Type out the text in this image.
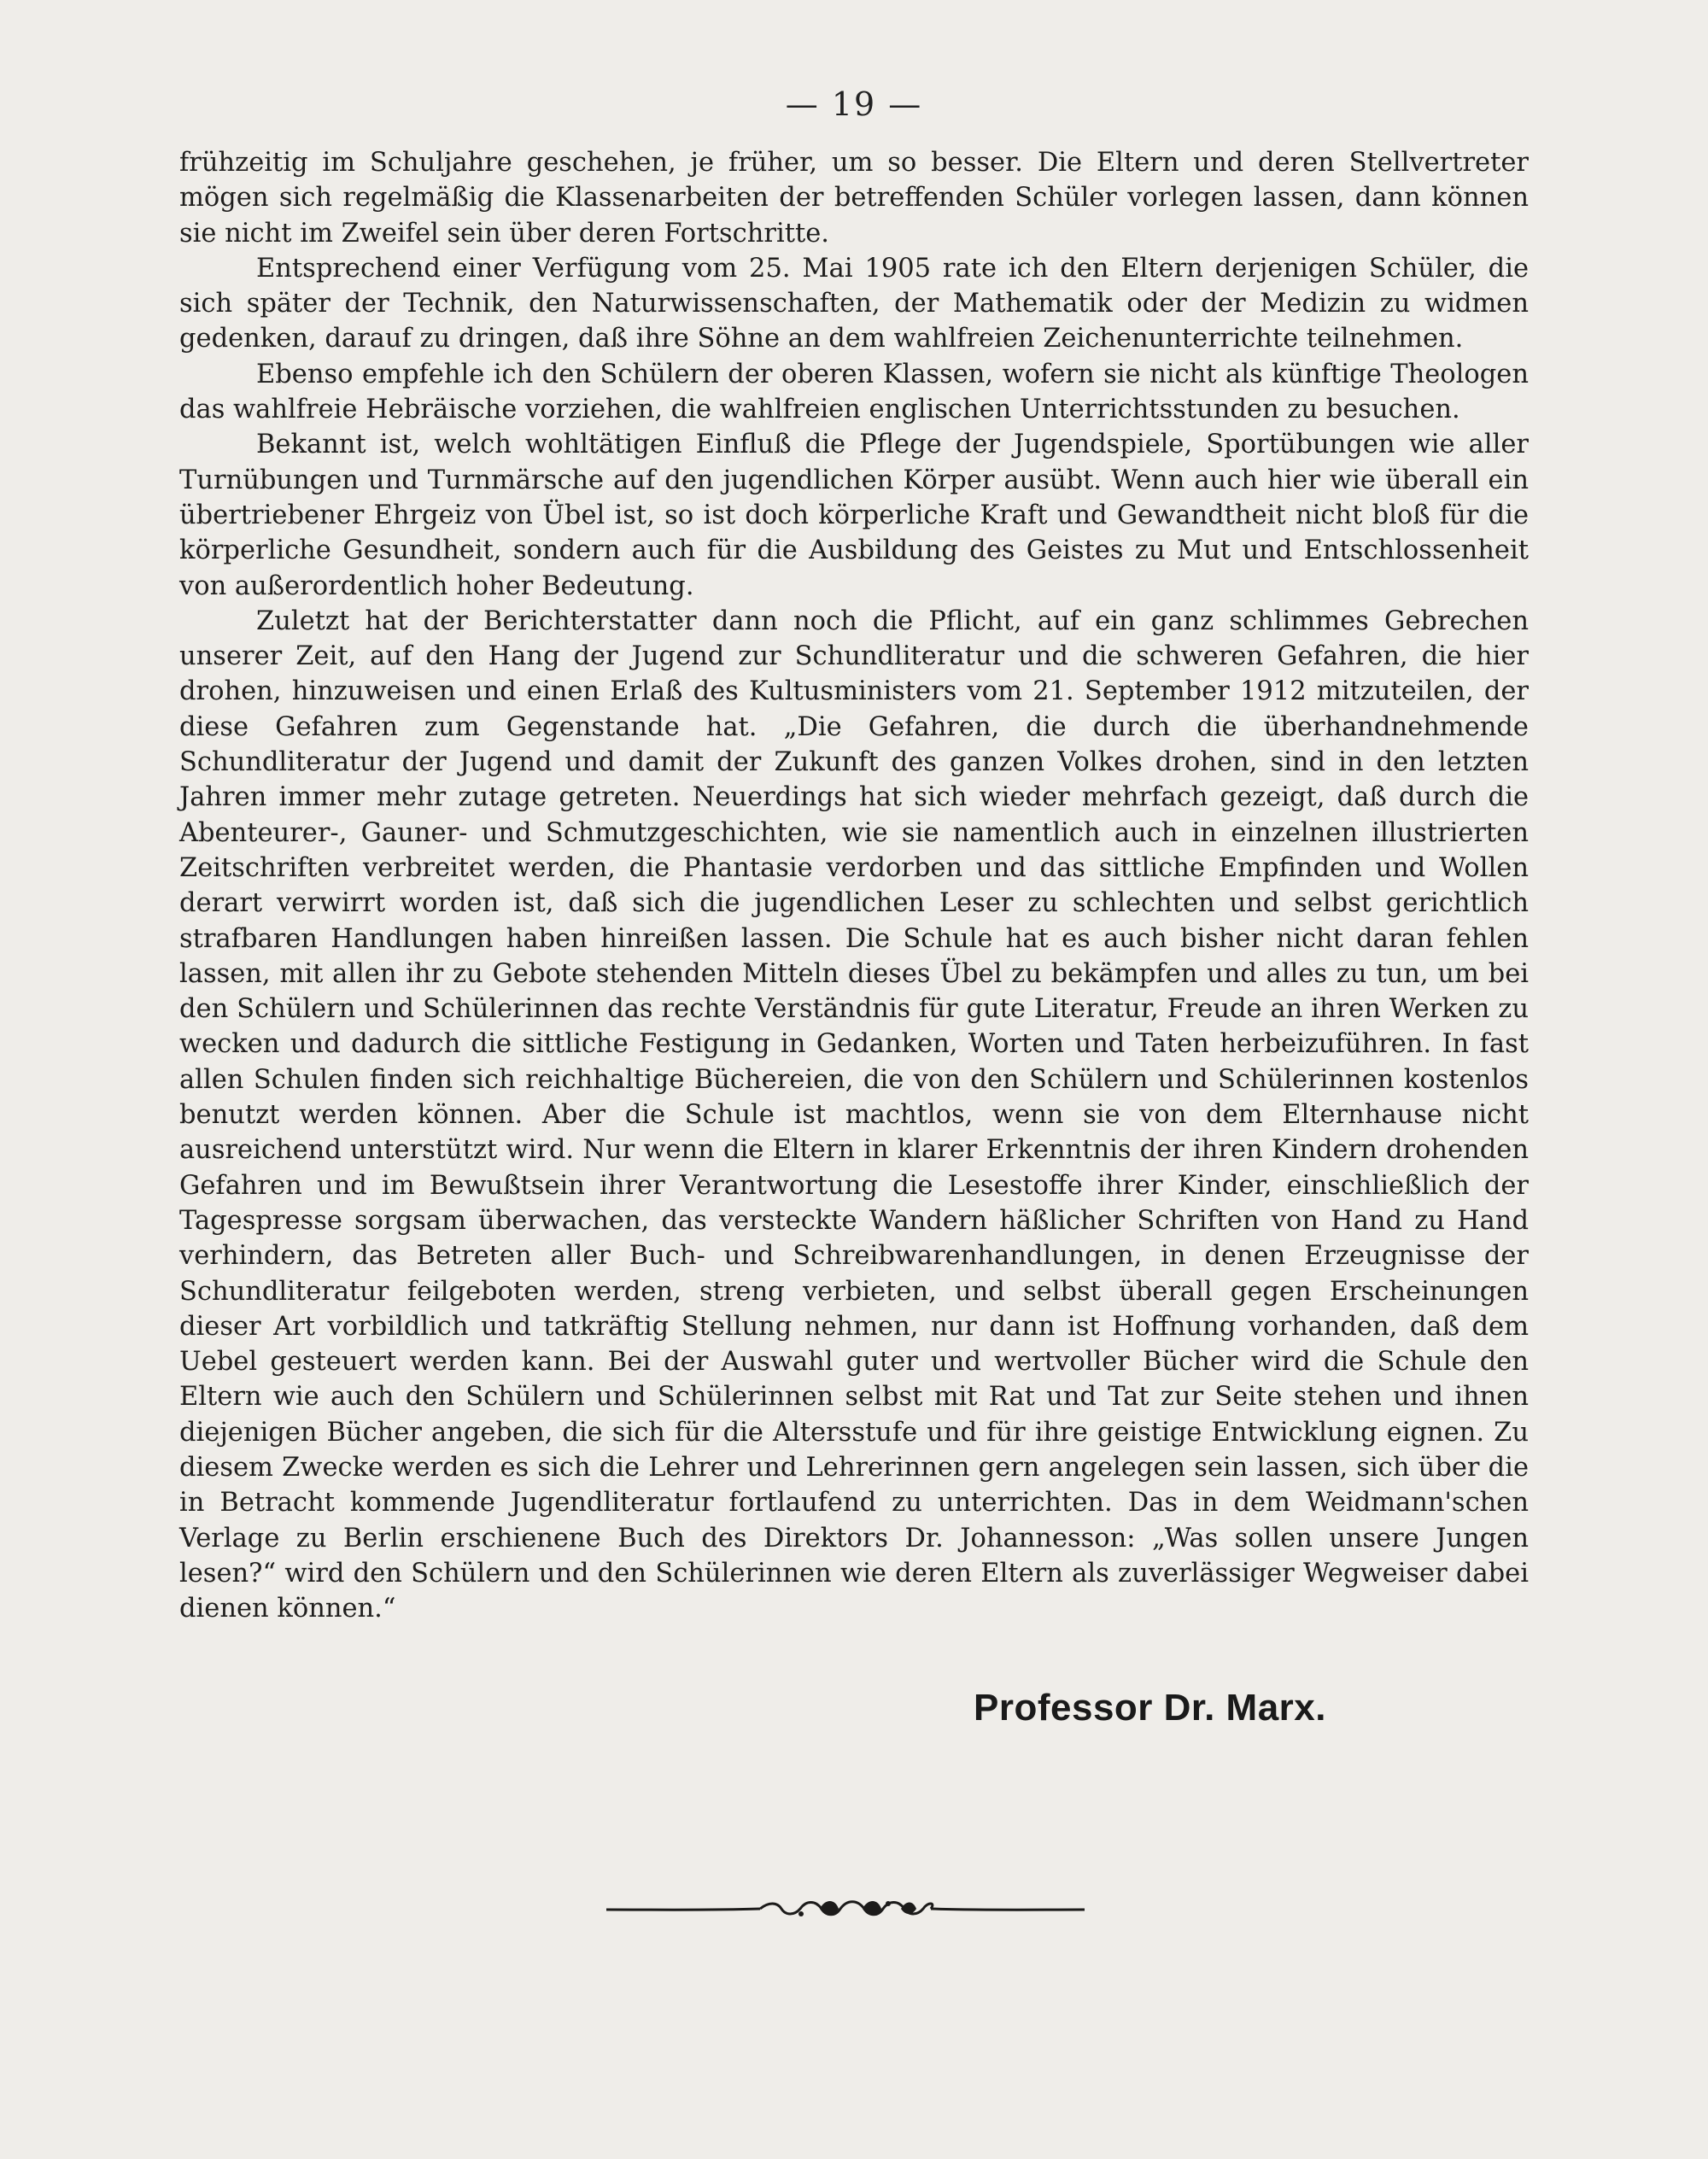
— 19 —

frühzeitig im Schuljahre geschehen, je früher, um so besser. Die Eltern und deren Stellvertreter mögen sich regelmäßig die Klassenarbeiten der betreffenden Schüler vorlegen lassen, dann können sie nicht im Zweifel sein über deren Fortschritte.

Entsprechend einer Verfügung vom 25. Mai 1905 rate ich den Eltern derjenigen Schüler, die sich später der Technik, den Naturwissenschaften, der Mathematik oder der Medizin zu widmen gedenken, darauf zu dringen, daß ihre Söhne an dem wahlfreien Zeichenunterrichte teilnehmen.

Ebenso empfehle ich den Schülern der oberen Klassen, wofern sie nicht als künftige Theologen das wahlfreie Hebräische vorziehen, die wahlfreien englischen Unterrichtsstunden zu besuchen.

Bekannt ist, welch wohltätigen Einfluß die Pflege der Jugendspiele, Sportübungen wie aller Turnübungen und Turnmärsche auf den jugendlichen Körper ausübt. Wenn auch hier wie überall ein übertriebener Ehrgeiz von Übel ist, so ist doch körperliche Kraft und Gewandtheit nicht bloß für die körperliche Gesundheit, sondern auch für die Ausbildung des Geistes zu Mut und Entschlossenheit von außerordentlich hoher Bedeutung.

Zuletzt hat der Berichterstatter dann noch die Pflicht, auf ein ganz schlimmes Gebrechen unserer Zeit, auf den Hang der Jugend zur Schundliteratur und die schweren Gefahren, die hier drohen, hinzuweisen und einen Erlaß des Kultusministers vom 21. September 1912 mitzuteilen, der diese Gefahren zum Gegenstande hat. „Die Gefahren, die durch die überhandnehmende Schundliteratur der Jugend und damit der Zukunft des ganzen Volkes drohen, sind in den letzten Jahren immer mehr zutage getreten. Neuerdings hat sich wieder mehrfach gezeigt, daß durch die Abenteurer-, Gauner- und Schmutzgeschichten, wie sie namentlich auch in einzelnen illustrierten Zeitschriften verbreitet werden, die Phantasie verdorben und das sittliche Empfinden und Wollen derart verwirrt worden ist, daß sich die jugendlichen Leser zu schlechten und selbst gerichtlich strafbaren Handlungen haben hinreißen lassen. Die Schule hat es auch bisher nicht daran fehlen lassen, mit allen ihr zu Gebote stehenden Mitteln dieses Übel zu bekämpfen und alles zu tun, um bei den Schülern und Schülerinnen das rechte Verständnis für gute Literatur, Freude an ihren Werken zu wecken und dadurch die sittliche Festigung in Gedanken, Worten und Taten herbeizuführen. In fast allen Schulen finden sich reichhaltige Büchereien, die von den Schülern und Schülerinnen kostenlos benutzt werden können. Aber die Schule ist machtlos, wenn sie von dem Elternhause nicht ausreichend unterstützt wird. Nur wenn die Eltern in klarer Erkenntnis der ihren Kindern drohenden Gefahren und im Bewußtsein ihrer Verantwortung die Lesestoffe ihrer Kinder, einschließlich der Tagespresse sorgsam überwachen, das versteckte Wandern häßlicher Schriften von Hand zu Hand verhindern, das Betreten aller Buch- und Schreibwarenhandlungen, in denen Erzeugnisse der Schundliteratur feilgeboten werden, streng verbieten, und selbst überall gegen Erscheinungen dieser Art vorbildlich und tatkräftig Stellung nehmen, nur dann ist Hoffnung vorhanden, daß dem Uebel gesteuert werden kann. Bei der Auswahl guter und wertvoller Bücher wird die Schule den Eltern wie auch den Schülern und Schülerinnen selbst mit Rat und Tat zur Seite stehen und ihnen diejenigen Bücher angeben, die sich für die Altersstufe und für ihre geistige Entwicklung eignen. Zu diesem Zwecke werden es sich die Lehrer und Lehrerinnen gern angelegen sein lassen, sich über die in Betracht kommende Jugendliteratur fortlaufend zu unterrichten. Das in dem Weidmann'schen Verlage zu Berlin erschienene Buch des Direktors Dr. Johannesson: „Was sollen unsere Jungen lesen?“ wird den Schülern und den Schülerinnen wie deren Eltern als zuverlässiger Wegweiser dabei dienen können.“

Professor Dr. Marx.
